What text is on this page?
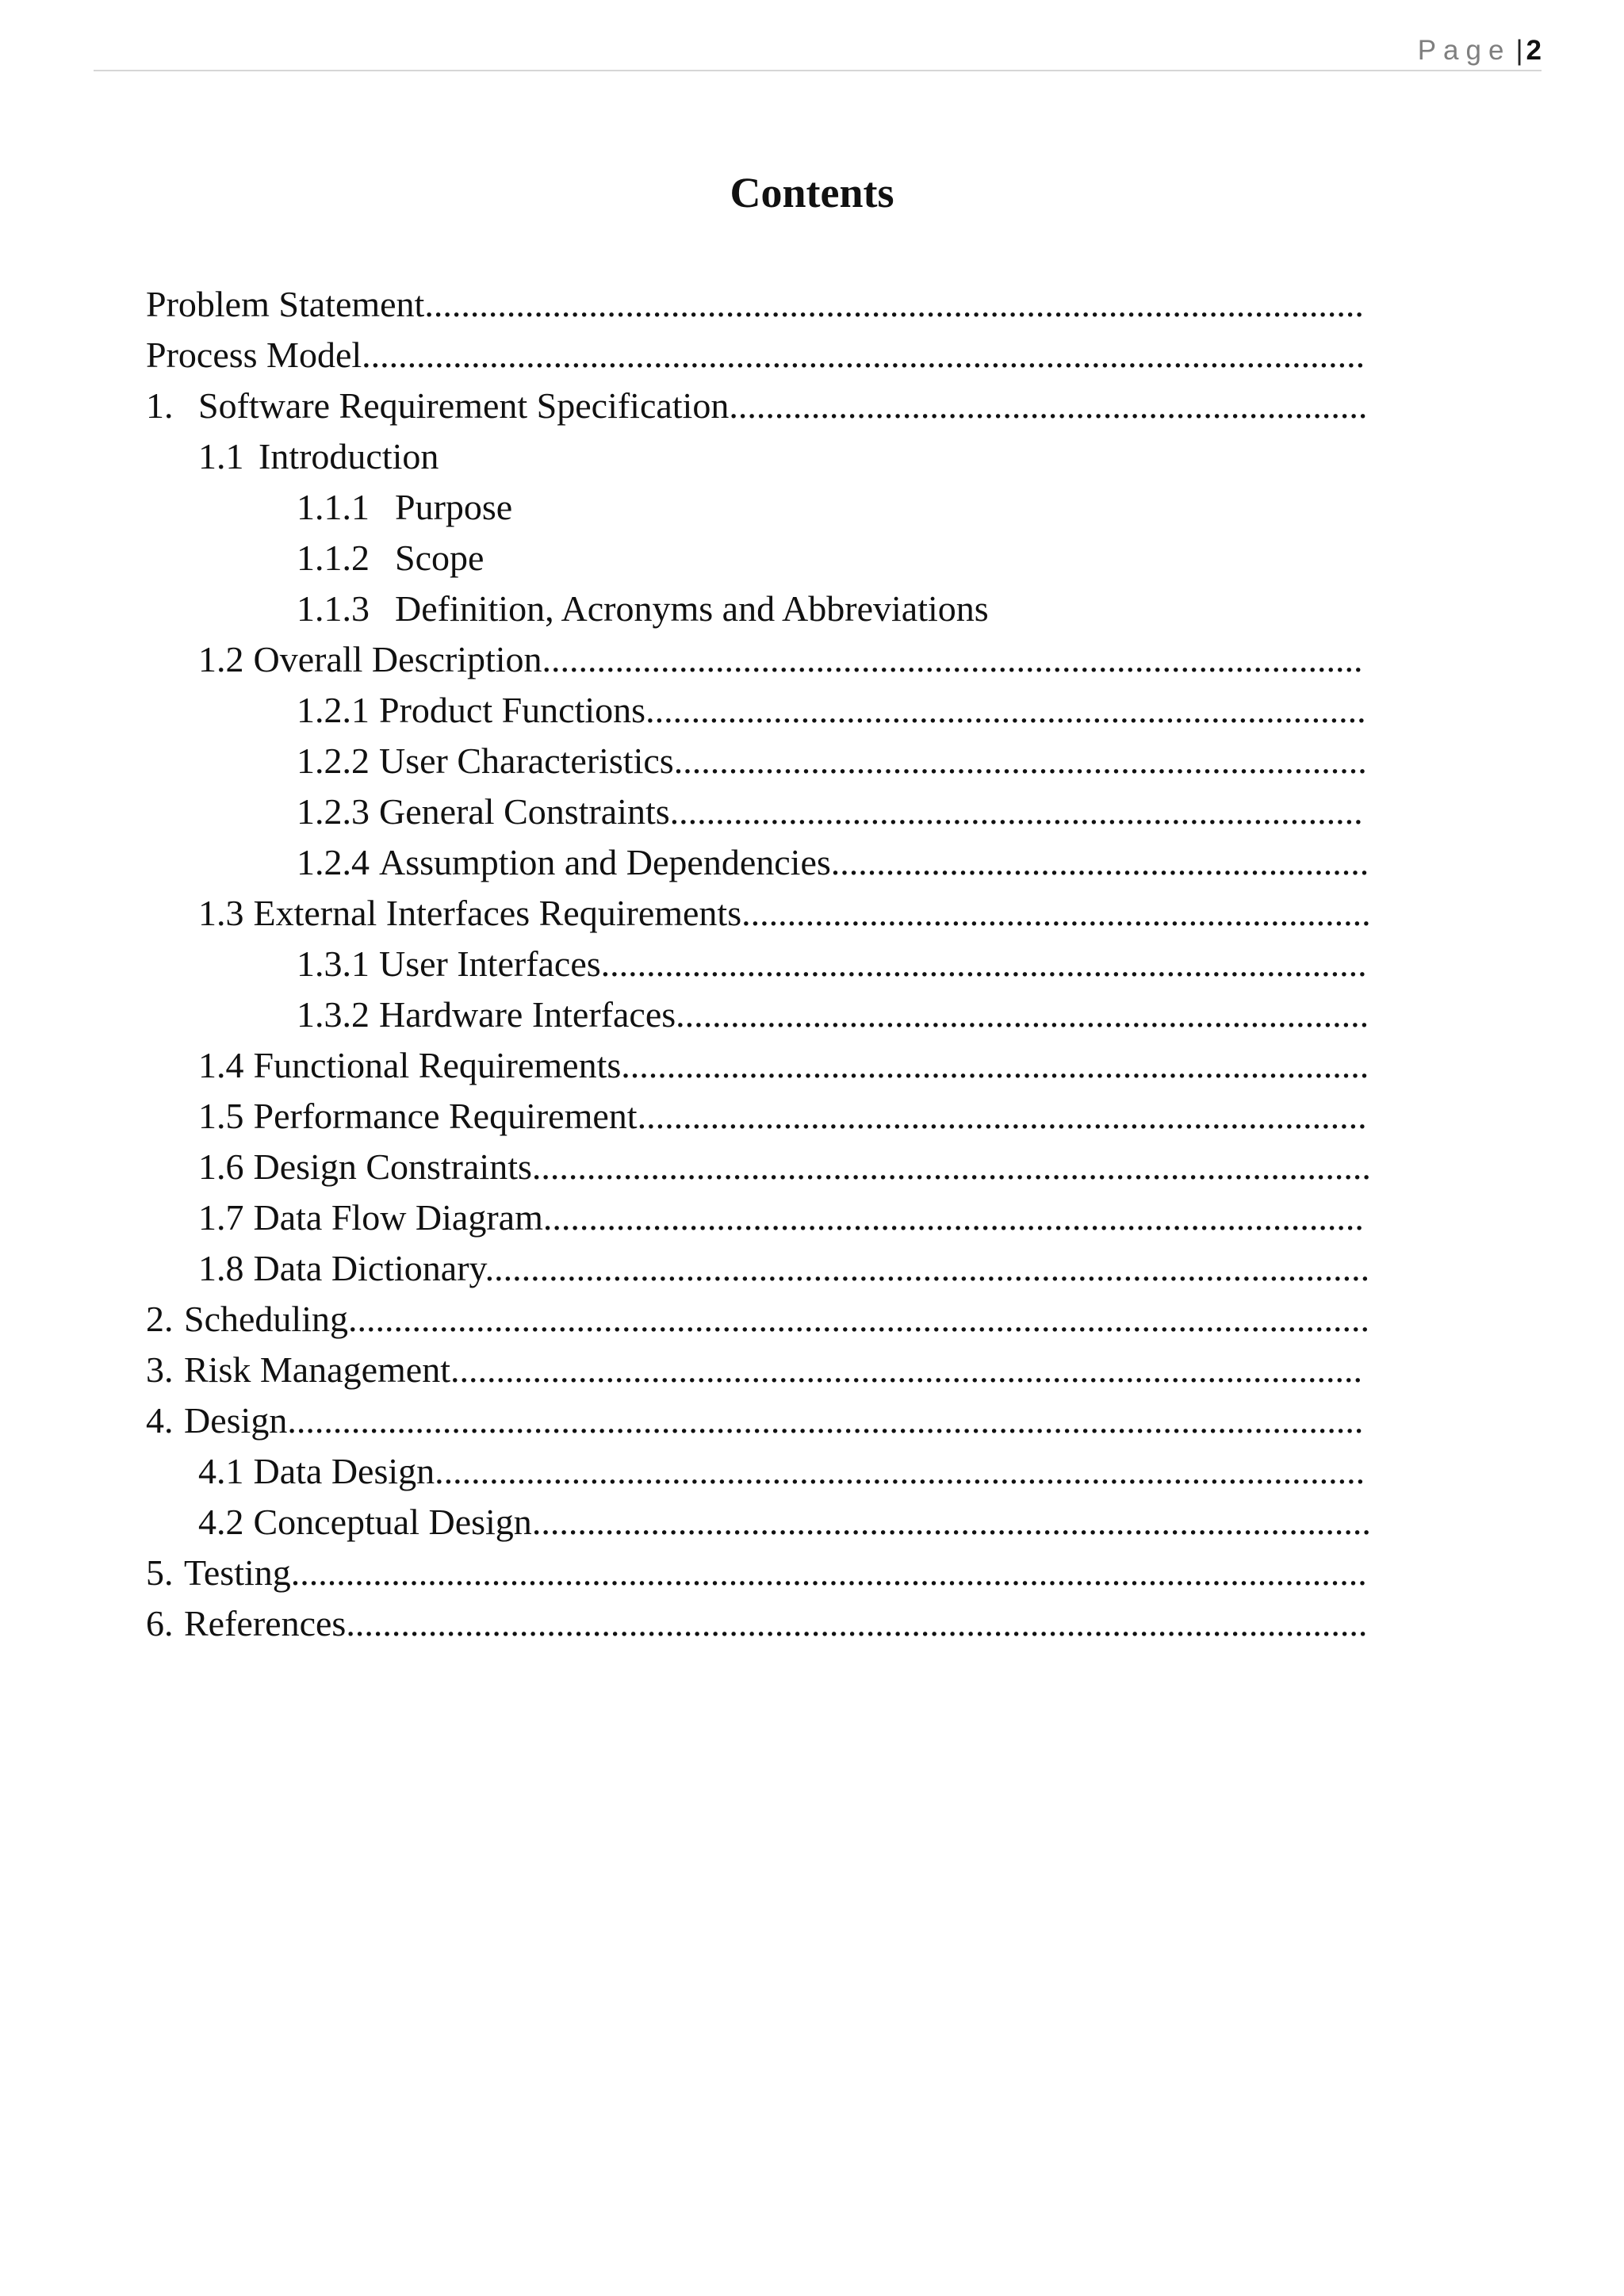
Page | 2
Contents
Problem Statement.......................................................................................................
Process Model..............................................................................................................
1. Software Requirement Specification......................................................................
1.1 Introduction
1.1.1 Purpose
1.1.2 Scope
1.1.3 Definition, Acronyms and Abbreviations
1.2 Overall Description..........................................................................................
1.2.1 Product Functions...............................................................................
1.2.2 User Characteristics............................................................................
1.2.3 General Constraints............................................................................
1.2.4 Assumption and Dependencies...........................................................
1.3 External Interfaces Requirements.....................................................................
1.3.1 User Interfaces....................................................................................
1.3.2 Hardware Interfaces............................................................................
1.4 Functional Requirements..................................................................................
1.5 Performance Requirement................................................................................
1.6 Design Constraints............................................................................................
1.7 Data Flow Diagram..........................................................................................
1.8 Data Dictionary.................................................................................................
2. Scheduling................................................................................................................
3. Risk Management....................................................................................................
4. Design......................................................................................................................
4.1 Data Design......................................................................................................
4.2 Conceptual Design............................................................................................
5. Testing......................................................................................................................
6. References................................................................................................................
